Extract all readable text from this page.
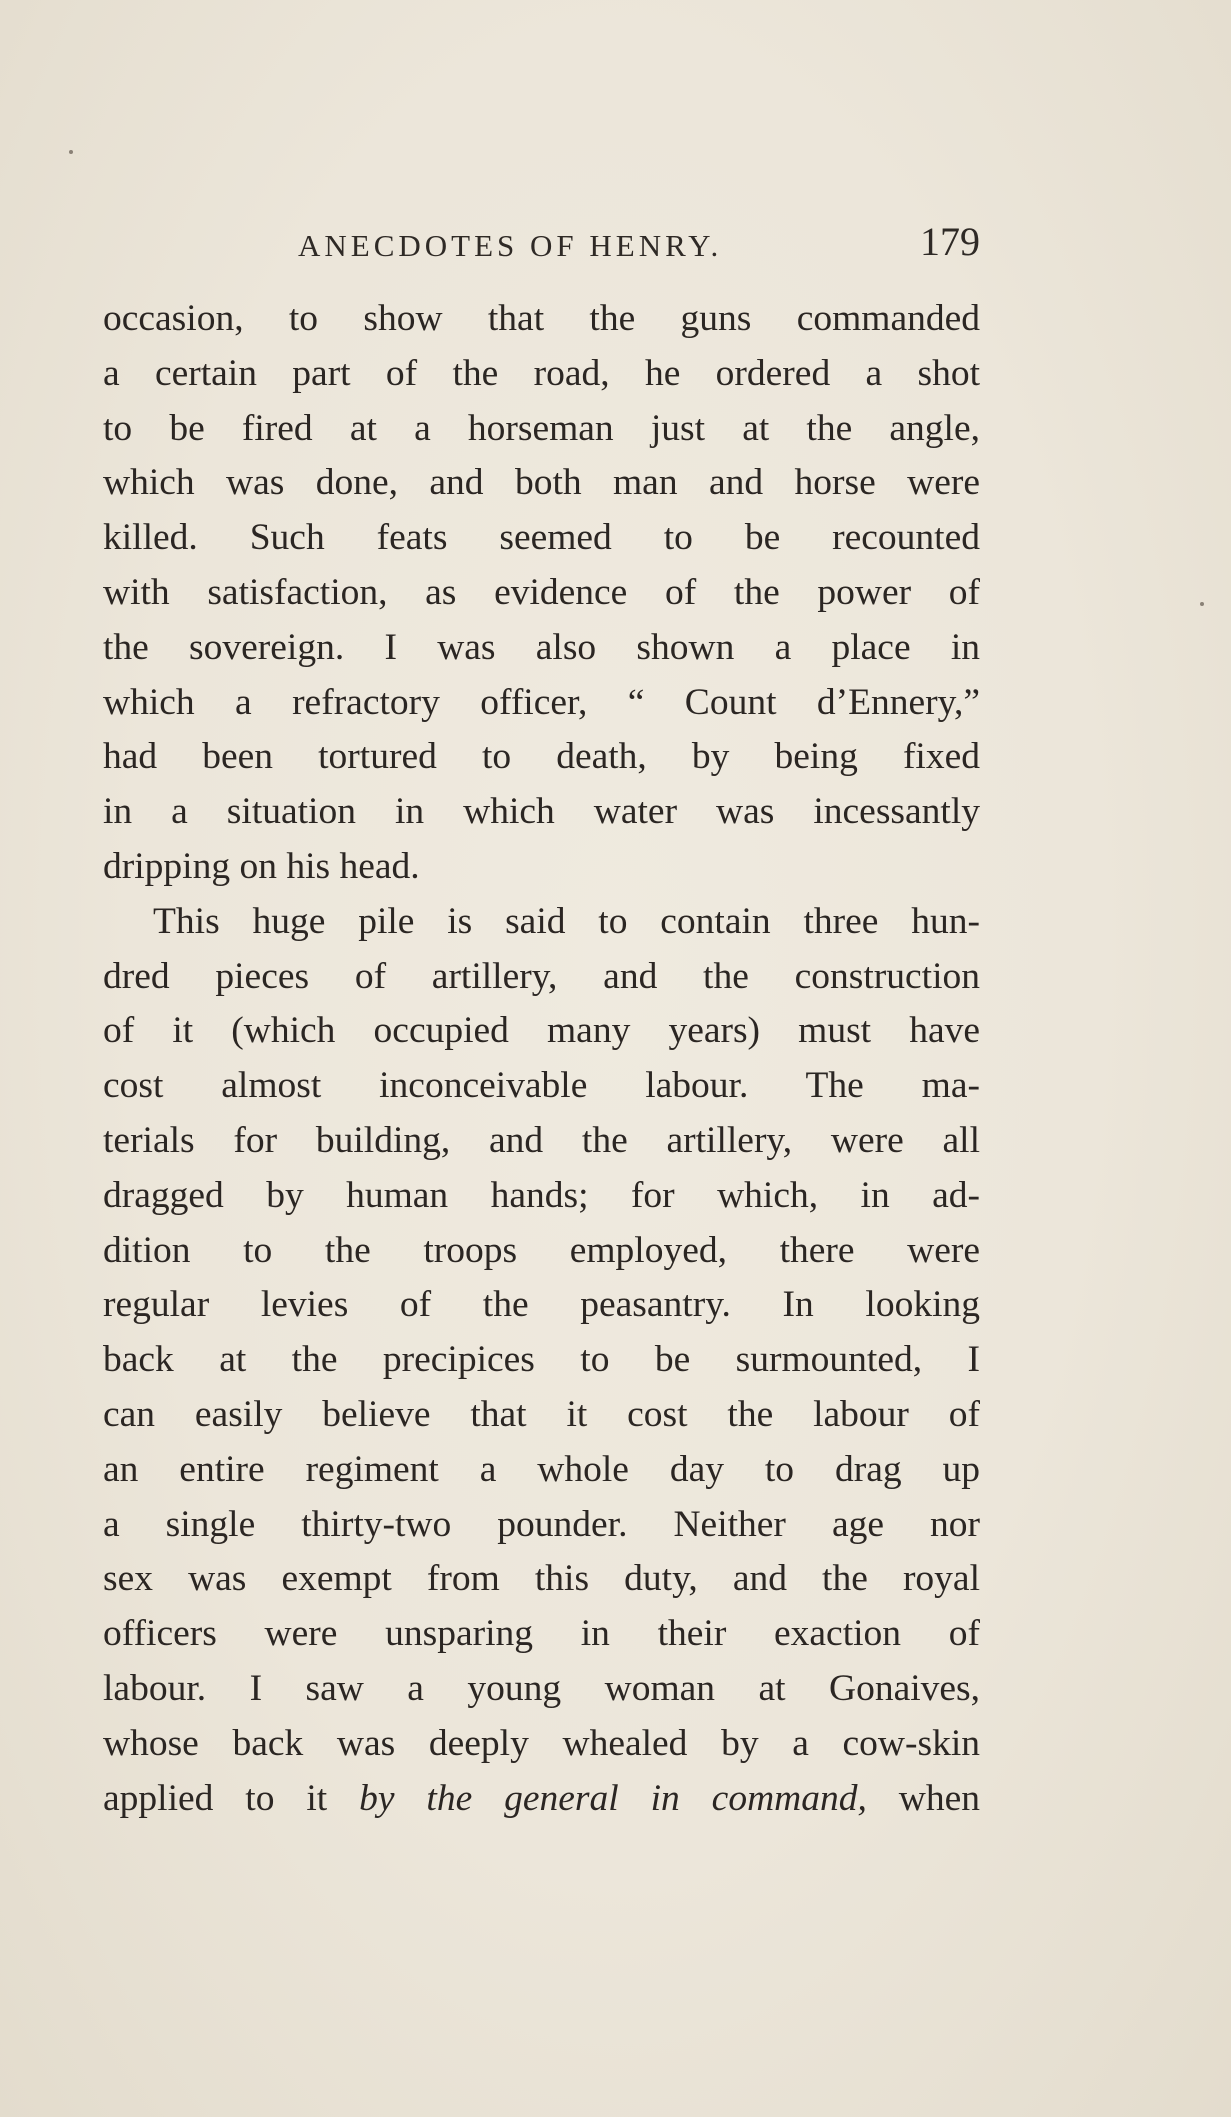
ANECDOTES OF HENRY.	179
occasion, to show that the guns commanded
a certain part of the road, he ordered a shot
to be fired at a horseman just at the angle,
which was done, and both man and horse were
killed. Such feats seemed to be recounted
with satisfaction, as evidence of the power of
the sovereign. I was also shown a place in
which a refractory officer, “ Count d’Ennery,”
had been tortured to death, by being fixed
in a situation in which water was incessantly
dripping on his head.
This huge pile is said to contain three hun-
dred pieces of artillery, and the construction
of it (which occupied many years) must have
cost almost inconceivable labour. The ma-
terials for building, and the artillery, were all
dragged by human hands; for which, in ad-
dition to the troops employed, there were
regular levies of the peasantry. In looking
back at the precipices to be surmounted, I
can easily believe that it cost the labour of
an entire regiment a whole day to drag up
a single thirty-two pounder. Neither age nor
sex was exempt from this duty, and the royal
officers were unsparing in their exaction of
labour. I saw a young woman at Gonaives,
whose back was deeply whealed by a cow-skin
applied to it by the general in command, when
